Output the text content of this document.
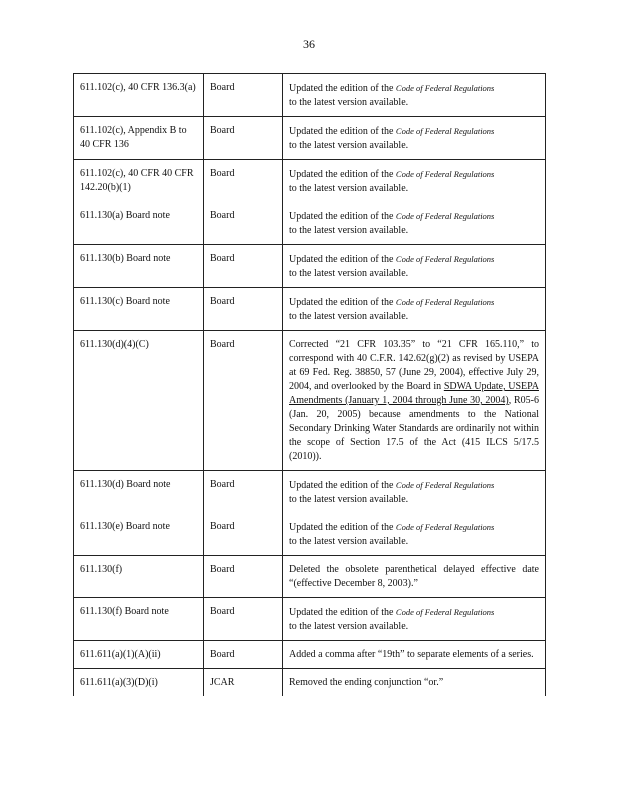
36
611.102(c), 40 CFR 136.3(a)	Board	Updated the edition of the Code of Federal Regulations
to the latest version available.
611.102(c), Appendix B to 40 CFR 136	Board	Updated the edition of the Code of Federal Regulations
to the latest version available.
611.102(c), 40 CFR 40 CFR 142.20(b)(1)	Board	Updated the edition of the Code of Federal Regulations
to the latest version available.
611.130(a) Board note	Board	Updated the edition of the Code of Federal Regulations
to the latest version available.
611.130(b) Board note	Board	Updated the edition of the Code of Federal Regulations
to the latest version available.
611.130(c) Board note	Board	Updated the edition of the Code of Federal Regulations
to the latest version available.
611.130(d)(4)(C)	Board	Corrected “21 CFR 103.35” to “21 CFR 165.110,” to correspond with 40 C.F.R. 142.62(g)(2) as revised by USEPA at 69 Fed. Reg. 38850, 57 (June 29, 2004), effective July 29, 2004, and overlooked by the Board in SDWA Update, USEPA Amendments (January 1, 2004 through June 30, 2004), R05-6 (Jan. 20, 2005) because amendments to the National Secondary Drinking Water Standards are ordinarily not within the scope of Section 17.5 of the Act (415 ILCS 5/17.5 (2010)).
611.130(d) Board note	Board	Updated the edition of the Code of Federal Regulations
to the latest version available.
611.130(e) Board note	Board	Updated the edition of the Code of Federal Regulations
to the latest version available.
611.130(f)	Board	Deleted the obsolete parenthetical delayed effective date “(effective December 8, 2003).”
611.130(f) Board note	Board	Updated the edition of the Code of Federal Regulations
to the latest version available.
611.611(a)(1)(A)(ii)	Board	Added a comma after “19th” to separate elements of a series.
611.611(a)(3)(D)(i)	JCAR	Removed the ending conjunction “or.”
